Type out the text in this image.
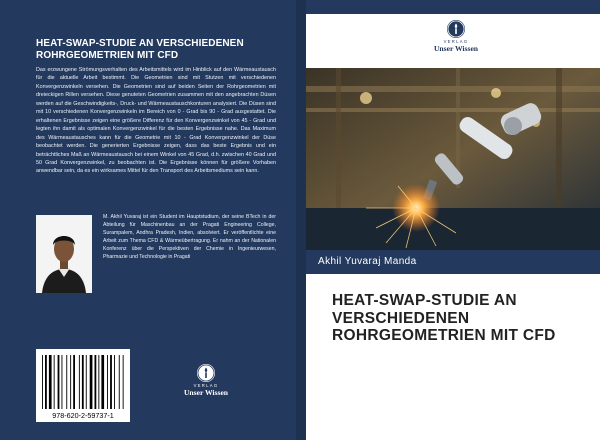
HEAT-SWAP-STUDIE AN VERSCHIEDENEN
ROHRGEOMETRIEN MIT CFD
Das erzwungene Strömungsverhalten des Arbeitsmittels wird im Hinblick auf den Wärmeaustausch für die aktuelle Arbeit bestimmt. Die Geometrien sind mit Stutzen mit verschiedenen Konvergenzwinkeln versehen. Die Geometrien sind auf beiden Seiten der Rohrgeometrien mit dreieckigen Rillen versehen. Diese genuteten Geometrien zusammen mit den angebrachten Düsen werden auf die Geschwindigkeits-, Druck- und Wärmeaustauschkonturen analysiert. Die Düsen sind mit 10 verschiedenen Konvergenzwinkeln im Bereich von 0 - Grad bis 90 - Grad ausgestattet. Die erhaltenen Ergebnisse zeigen eine größere Differenz für den Konvergenzwinkel von 45 - Grad und legten ihn damit als optimalen Konvergenzwinkel für die besten Ergebnisse nahe. Das Maximum des Wärmeaustausches kann für die Geometrie mit 10 - Grad Konvergenzwinkel der Düse beobachtet werden. Die generierten Ergebnisse zeigen, dass das beste Ergebnis und ein beträchtliches Maß an Wärmeaustausch bei einem Winkel von 45 Grad, d.h. zwischen 40 Grad und 50 Grad Konvergenzwinkel, zu beobachten ist. Die Ergebnisse können für größere Vorhaben anwendbar sein, da es ein wirksames Mittel für den Transport des Arbeitsmediums sein kann.
M. Akhil Yuvaraj ist ein Student im Hauptstudium, der seine BTech in der Abteilung für Maschinenbau an der Pragati Engineering College, Surampalem, Andhra Pradesh, Indien, absolviert. Er veröffentlichte eine Arbeit zum Thema CFD & Wärmeübertragung. Er nahm an der Nationalen Konferenz über die Perspektiven der Chemie in Ingenieurwesen, Pharmazie und Technologie in Pragati
VERLAG
Unser Wissen
978-620-2-59737-1
VERLAG
Unser Wissen
Akhil Yuvaraj Manda
HEAT-SWAP-STUDIE AN
VERSCHIEDENEN
ROHRGEOMETRIEN MIT CFD
